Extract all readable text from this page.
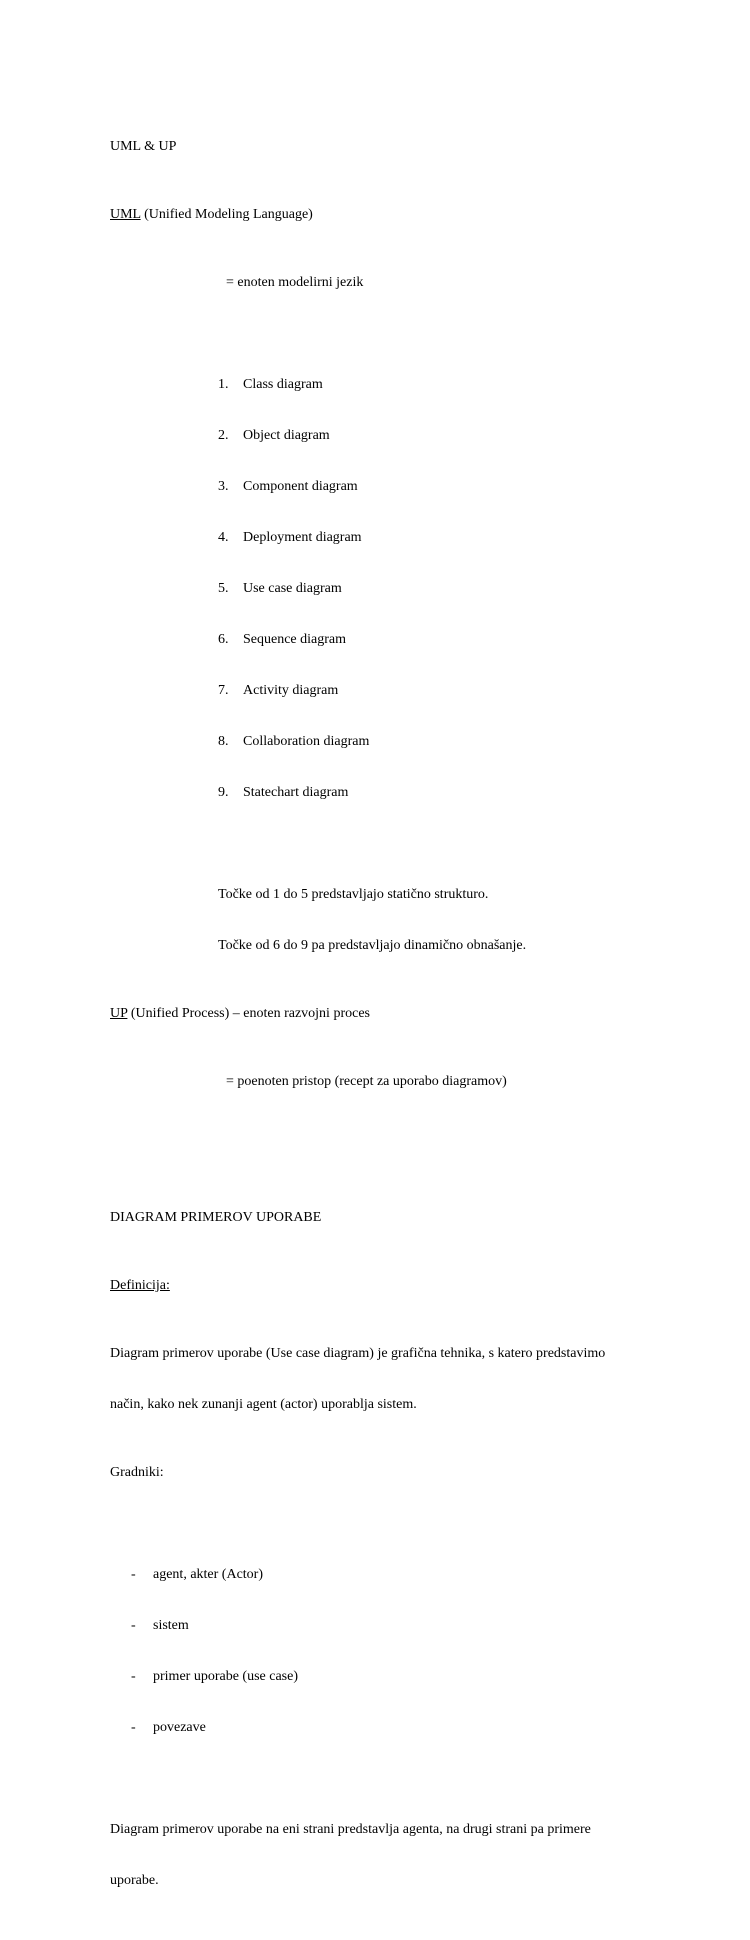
UML & UP

UML (Unified Modeling Language)

= enoten modelirni jezik

1. Class diagram

2. Object diagram

3. Component diagram

4. Deployment diagram

5. Use case diagram

6. Sequence diagram

7. Activity diagram

8. Collaboration diagram

9. Statechart diagram

Točke od 1 do 5 predstavljajo statično strukturo.

Točke od 6 do 9 pa predstavljajo dinamično obnašanje.

UP (Unified Process) – enoten razvojni proces

= poenoten pristop (recept za uporabo diagramov)

DIAGRAM PRIMEROV UPORABE

Definicija:

Diagram primerov uporabe (Use case diagram) je grafična tehnika, s katero predstavimo

način, kako nek zunanji agent (actor) uporablja sistem.

Gradniki:

- agent, akter (Actor)

- sistem

- primer uporabe (use case)

- povezave

Diagram primerov uporabe na eni strani predstavlja agenta, na drugi strani pa primere

uporabe.
